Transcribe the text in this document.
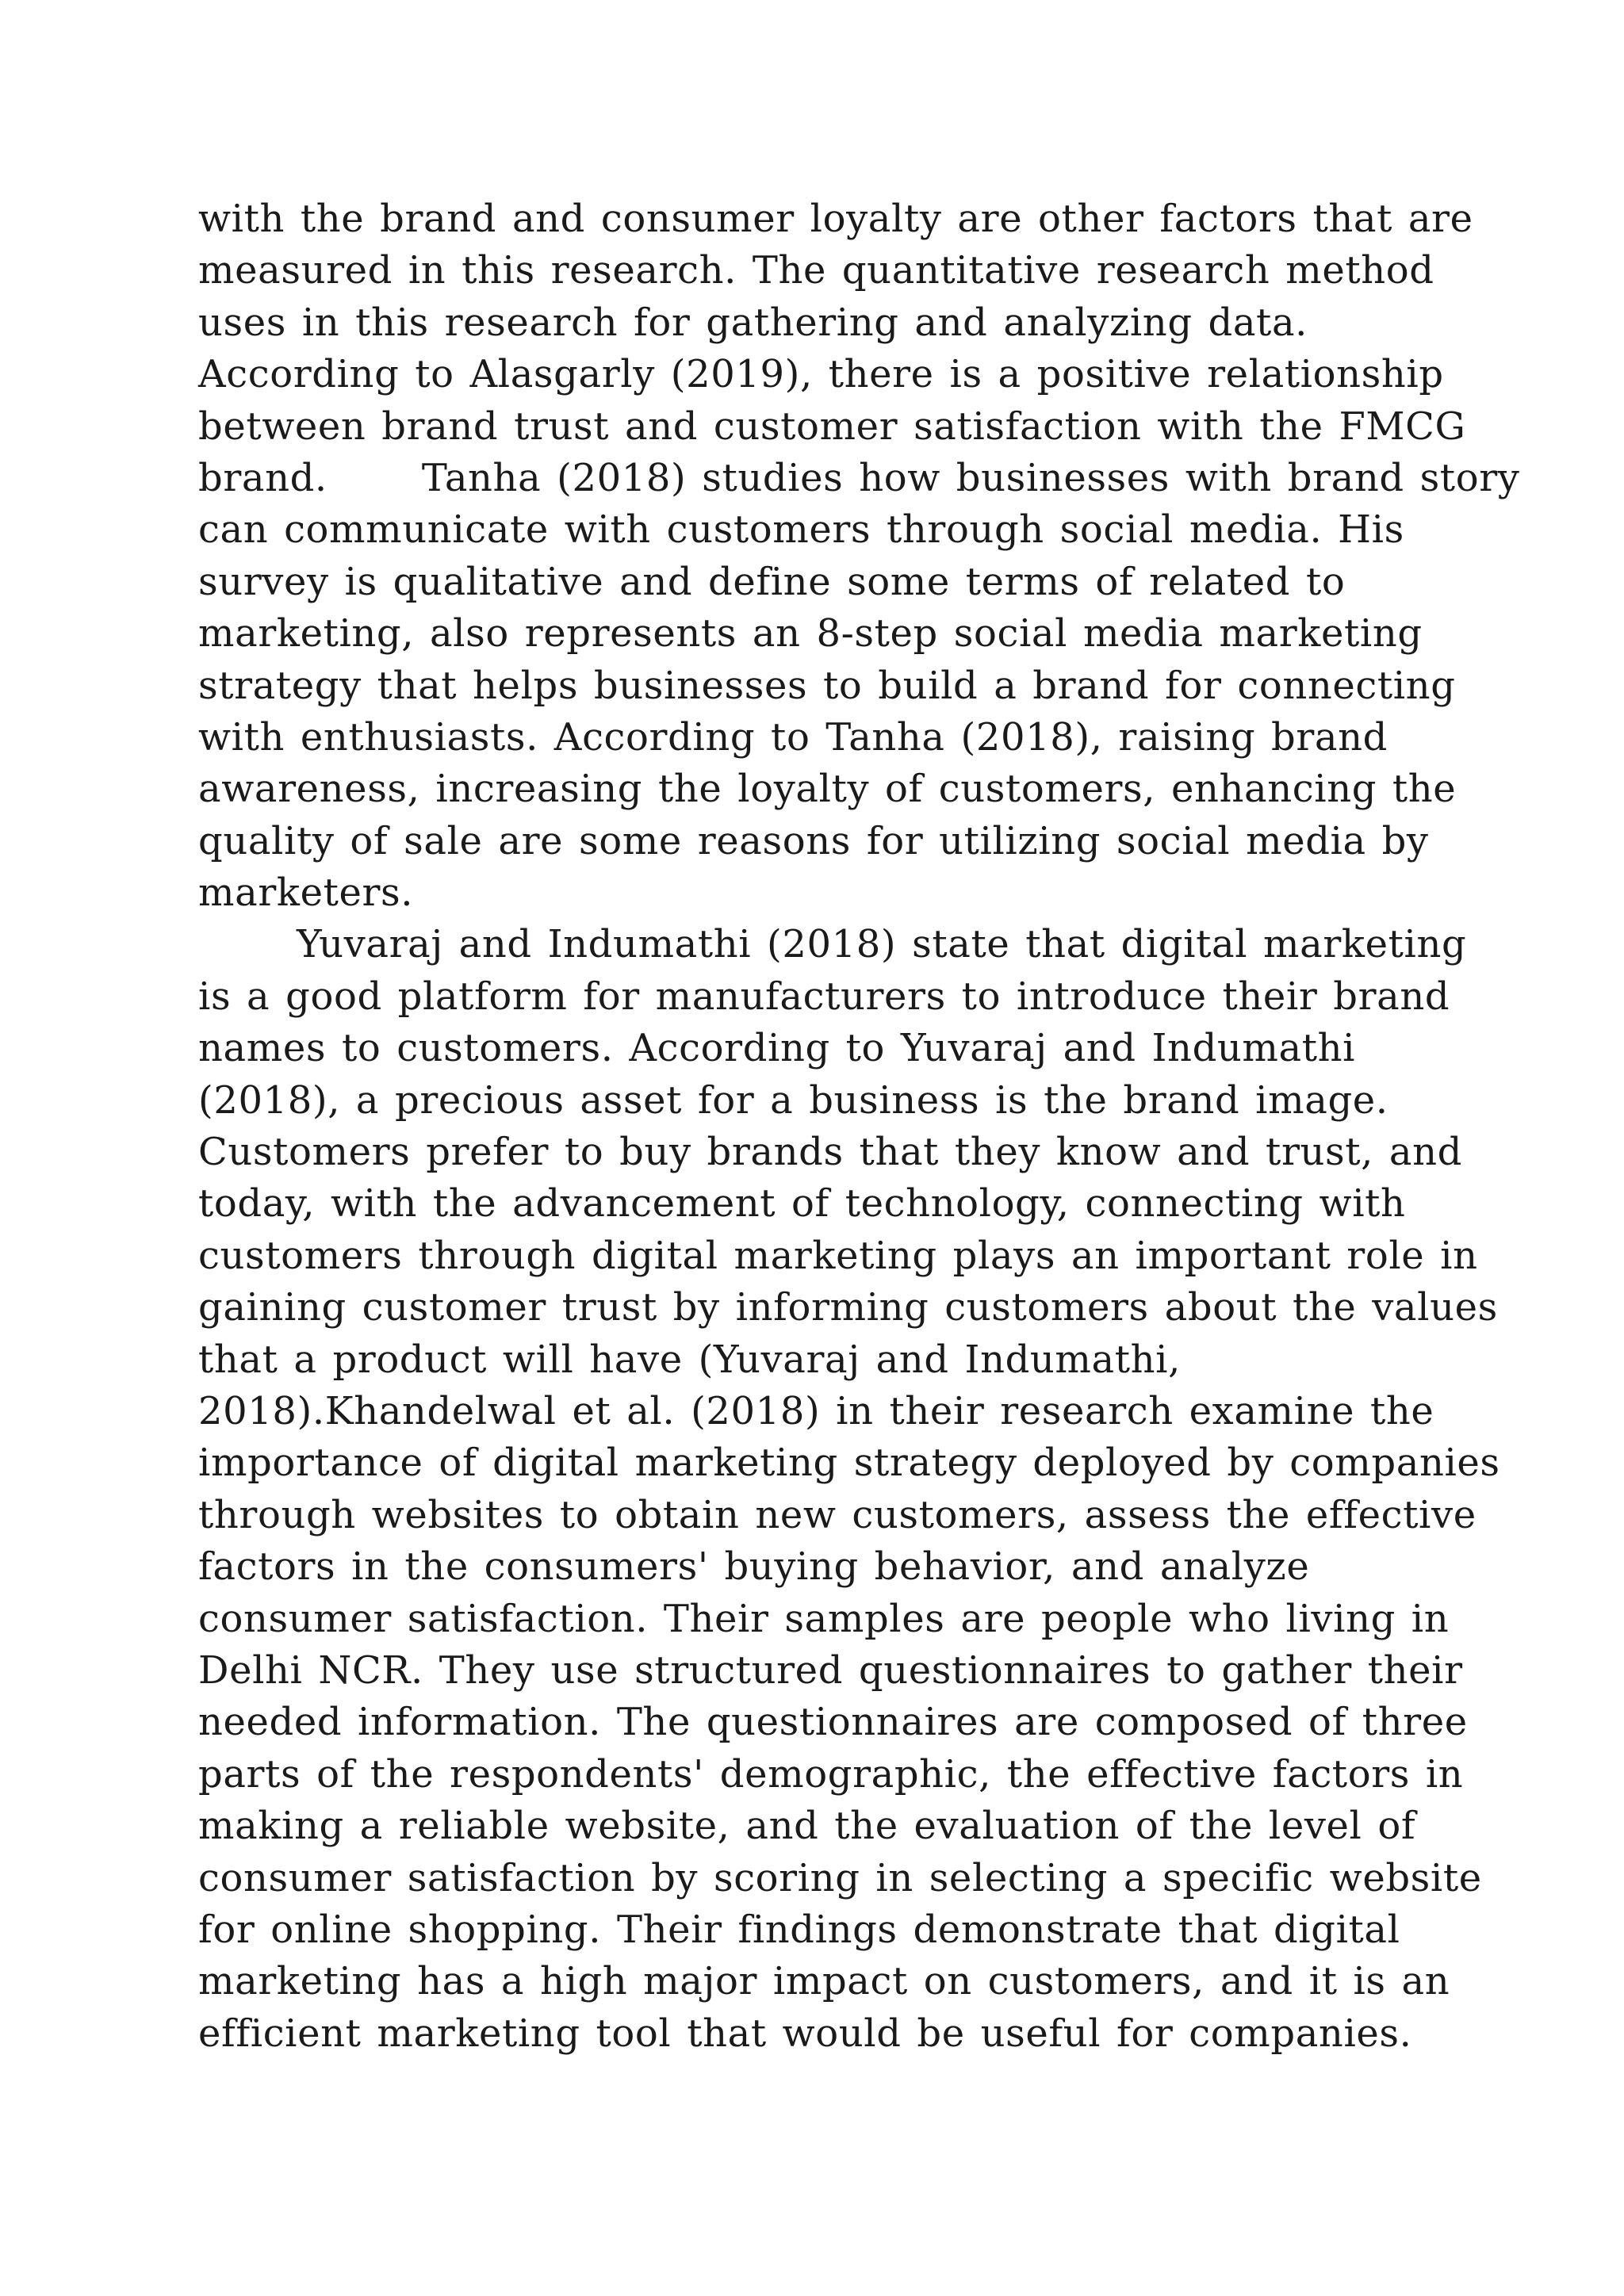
with the brand and consumer loyalty are other factors that are
measured in this research. The quantitative research method
uses in this research for gathering and analyzing data.
According to Alasgarly (2019), there is a positive relationship
between brand trust and customer satisfaction with the FMCG
brand.      Tanha (2018) studies how businesses with brand story
can communicate with customers through social media. His
survey is qualitative and define some terms of related to
marketing, also represents an 8-step social media marketing
strategy that helps businesses to build a brand for connecting
with enthusiasts. According to Tanha (2018), raising brand
awareness, increasing the loyalty of customers, enhancing the
quality of sale are some reasons for utilizing social media by
marketers.
Yuvaraj and Indumathi (2018) state that digital marketing
is a good platform for manufacturers to introduce their brand
names to customers. According to Yuvaraj and Indumathi
(2018), a precious asset for a business is the brand image.
Customers prefer to buy brands that they know and trust, and
today, with the advancement of technology, connecting with
customers through digital marketing plays an important role in
gaining customer trust by informing customers about the values
that a product will have (Yuvaraj and Indumathi,
2018).Khandelwal et al. (2018) in their research examine the
importance of digital marketing strategy deployed by companies
through websites to obtain new customers, assess the effective
factors in the consumers' buying behavior, and analyze
consumer satisfaction. Their samples are people who living in
Delhi NCR. They use structured questionnaires to gather their
needed information. The questionnaires are composed of three
parts of the respondents' demographic, the effective factors in
making a reliable website, and the evaluation of the level of
consumer satisfaction by scoring in selecting a specific website
for online shopping. Their findings demonstrate that digital
marketing has a high major impact on customers, and it is an
efficient marketing tool that would be useful for companies.
